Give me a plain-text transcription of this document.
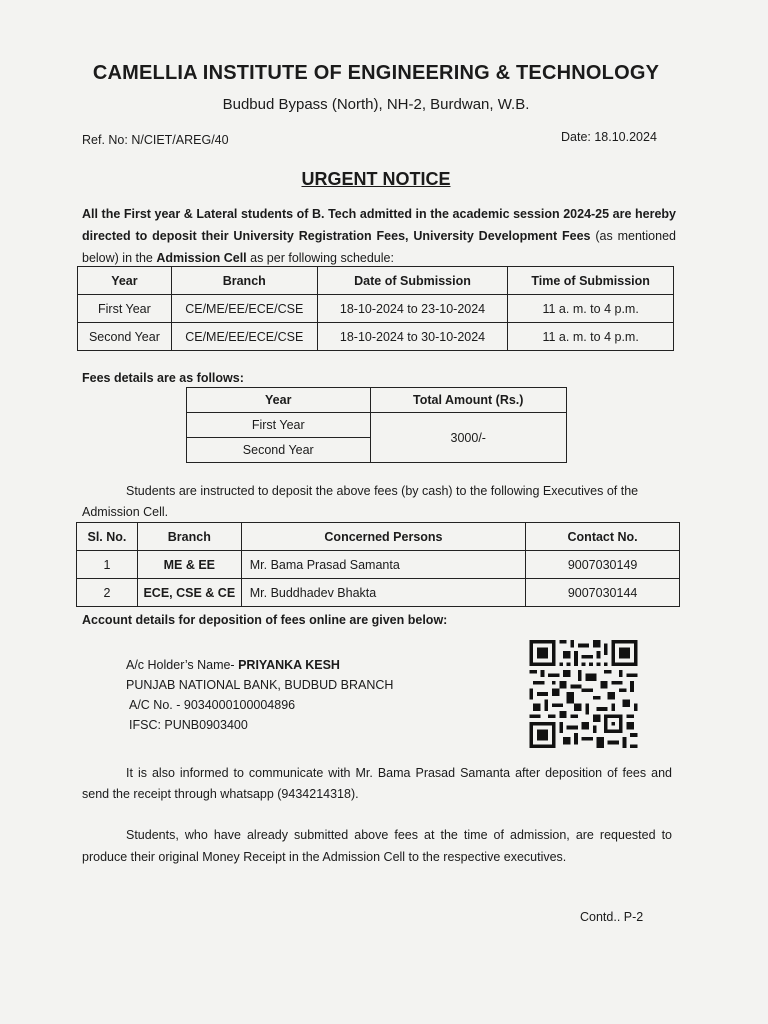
CAMELLIA INSTITUTE OF ENGINEERING & TECHNOLOGY
Budbud Bypass (North), NH-2, Burdwan, W.B.
Ref. No: N/CIET/AREG/40	Date: 18.10.2024
URGENT NOTICE
All the First year & Lateral students of B. Tech admitted in the academic session 2024-25 are hereby directed to deposit their University Registration Fees, University Development Fees (as mentioned below) in the Admission Cell as per following schedule:
Year	Branch	Date of Submission	Time of Submission
First Year	CE/ME/EE/ECE/CSE	18-10-2024 to 23-10-2024	11 a. m. to 4 p.m.
Second Year	CE/ME/EE/ECE/CSE	18-10-2024 to 30-10-2024	11 a. m. to 4 p.m.
Fees details are as follows:
Year	Total Amount (Rs.)
First Year	3000/-
Second Year	
Students are instructed to deposit the above fees (by cash) to the following Executives of the Admission Cell.
Sl. No.	Branch	Concerned Persons	Contact No.
1	ME & EE	Mr. Bama Prasad Samanta	9007030149
2	ECE, CSE & CE	Mr. Buddhadev Bhakta	9007030144
Account details for deposition of fees online are given below:
A/c Holder’s Name- PRIYANKA KESH
PUNJAB NATIONAL BANK, BUDBUD BRANCH
A/C No. - 9034000100004896
IFSC: PUNB0903400
It is also informed to communicate with Mr. Bama Prasad Samanta after deposition of fees and send the receipt through whatsapp (9434214318).
Students, who have already submitted above fees at the time of admission, are requested to produce their original Money Receipt in the Admission Cell to the respective executives.
Contd.. P-2
